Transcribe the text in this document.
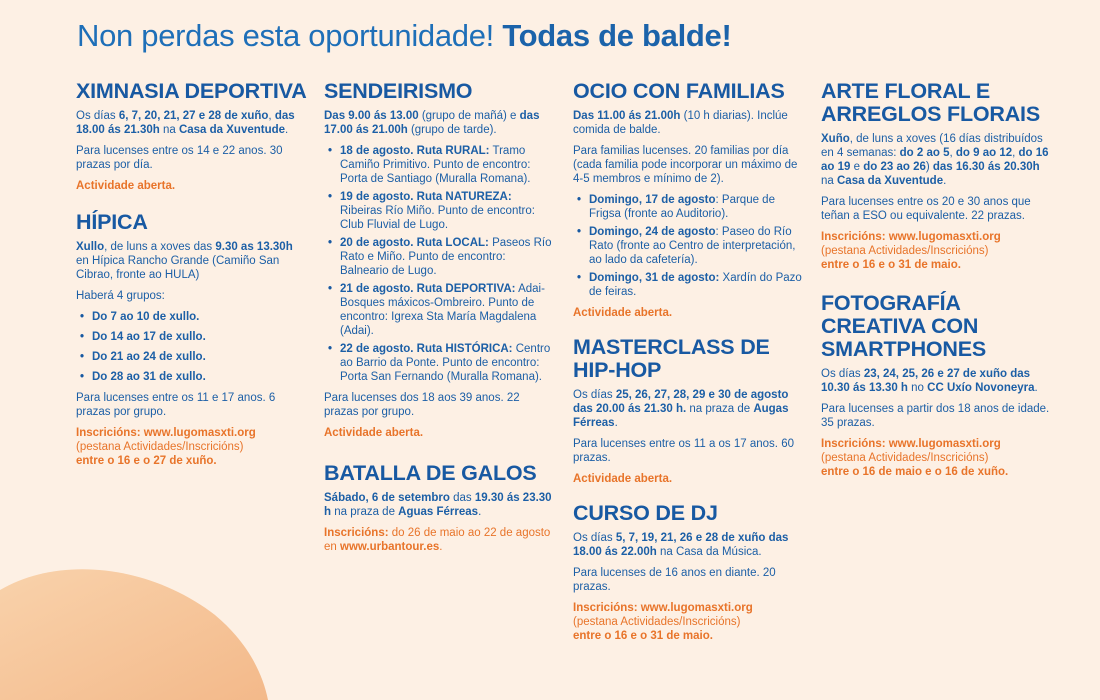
Non perdas esta oportunidade! Todas de balde!
XIMNASIA DEPORTIVA

Os días 6, 7, 20, 21, 27 e 28 de xuño, das 18.00 ás 21.30h na Casa da Xuventude.

Para lucenses entre os 14 e 22 anos. 30 prazas por día.

Actividade aberta.

HÍPICA

Xullo, de luns a xoves das 9.30 as 13.30h en Hípica Rancho Grande (Camiño San Cibrao, fronte ao HULA)

Haberá 4 grupos:

• Do 7 ao 10 de xullo.
• Do 14 ao 17 de xullo.
• Do 21 ao 24 de xullo.
• Do 28 ao 31 de xullo.

Para lucenses entre os 11 e 17 anos. 6 prazas por grupo.

Inscricións: www.lugomasxti.org
(pestana Actividades/Inscricións)
entre o 16 e o 27 de xuño.

SENDEIRISMO

Das 9.00 ás 13.00 (grupo de mañá) e das 17.00 ás 21.00h (grupo de tarde).

• 18 de agosto. Ruta RURAL: Tramo Camiño Primitivo. Punto de encontro: Porta de Santiago (Muralla Romana).
• 19 de agosto. Ruta NATUREZA: Ribeiras Río Miño. Punto de encontro: Club Fluvial de Lugo.
• 20 de agosto. Ruta LOCAL: Paseos Río Rato e Miño. Punto de encontro: Balneario de Lugo.
• 21 de agosto. Ruta DEPORTIVA: Adai-Bosques máxicos-Ombreiro. Punto de encontro: Igrexa Sta María Magdalena (Adai).
• 22 de agosto. Ruta HISTÓRICA: Centro ao Barrio da Ponte. Punto de encontro: Porta San Fernando (Muralla Romana).

Para lucenses dos 18 aos 39 anos. 22 prazas por grupo.

Actividade aberta.

BATALLA DE GALOS

Sábado, 6 de setembro das 19.30 ás 23.30 h na praza de Aguas Férreas.

Inscricións: do 26 de maio ao 22 de agosto en www.urbantour.es.

OCIO CON FAMILIAS

Das 11.00 ás 21.00h (10 h diarias). Inclúe comida de balde.

Para familias lucenses. 20 familias por día (cada familia pode incorporar un máximo de 4-5 membros e mínimo de 2).

• Domingo, 17 de agosto: Parque de Frigsa (fronte ao Auditorio).
• Domingo, 24 de agosto: Paseo do Río Rato (fronte ao Centro de interpretación, ao lado da cafetería).
• Domingo, 31 de agosto: Xardín do Pazo de feiras.

Actividade aberta.

MASTERCLASS DE HIP-HOP

Os días 25, 26, 27, 28, 29 e 30 de agosto das 20.00 ás 21.30 h. na praza de Augas Férreas.

Para lucenses entre os 11 a os 17 anos. 60 prazas.

Actividade aberta.

CURSO DE DJ

Os días 5, 7, 19, 21, 26 e 28 de xuño das 18.00 ás 22.00h na Casa da Música.

Para lucenses de 16 anos en diante. 20 prazas.

Inscricións: www.lugomasxti.org
(pestana Actividades/Inscricións)
entre o 16 e o 31 de maio.

ARTE FLORAL E ARREGLOS FLORAIS

Xuño, de luns a xoves (16 días distribuídos en 4 semanas: do 2 ao 5, do 9 ao 12, do 16 ao 19 e do 23 ao 26) das 16.30 ás 20.30h na Casa da Xuventude.

Para lucenses entre os 20 e 30 anos que teñan a ESO ou equivalente. 22 prazas.

Inscricións: www.lugomasxti.org
(pestana Actividades/Inscricións)
entre o 16 e o 31 de maio.

FOTOGRAFÍA CREATIVA CON SMARTPHONES

Os días 23, 24, 25, 26 e 27 de xuño das 10.30 ás 13.30 h no CC Uxío Novoneyra.

Para lucenses a partir dos 18 anos de idade. 35 prazas.

Inscricións: www.lugomasxti.org
(pestana Actividades/Inscricións)
entre o 16 de maio e o 16 de xuño.
